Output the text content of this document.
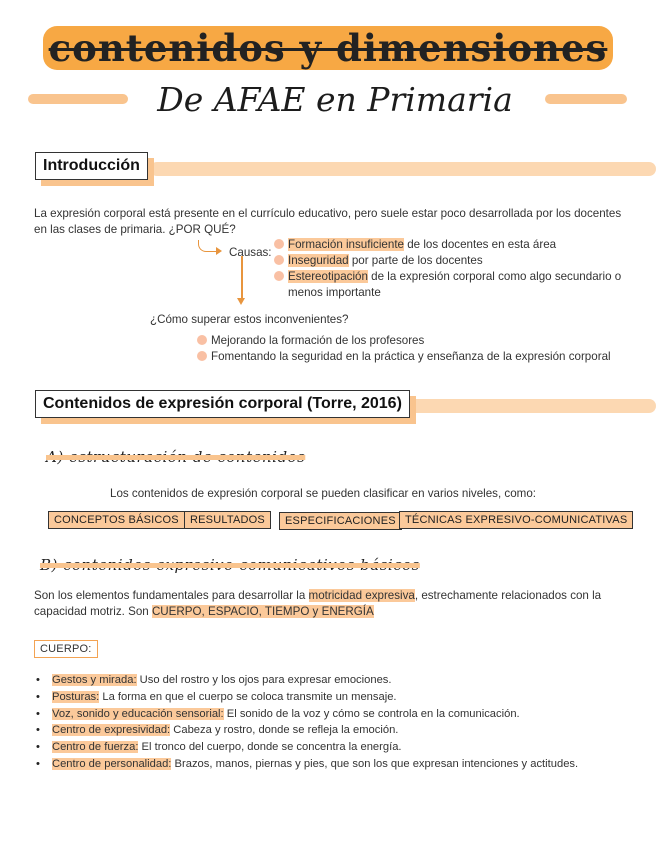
contenidos y dimensiones
De AFAE en Primaria
Introducción
La expresión corporal está presente en el currículo educativo, pero suele estar poco desarrollada por los docentes en las clases de primaria. ¿POR QUÉ?
Causas:
Formación insuficiente de los docentes en esta área
Inseguridad por parte de los docentes
Estereotipación de la expresión corporal como algo secundario o menos importante
¿Cómo superar estos inconvenientes?
Mejorando la formación de los profesores
Fomentando la seguridad en la práctica y enseñanza de la expresión corporal
Contenidos de expresión corporal (Torre, 2016)
A) estructuración de contenidos
Los contenidos de expresión corporal se pueden clasificar en varios niveles, como:
CONCEPTOS BÁSICOS	RESULTADOS	ESPECIFICACIONES TÉCNICAS EXPRESIVO-COMUNICATIVAS
B) contenidos expresivo-comunicativos básicos
Son los elementos fundamentales para desarrollar la motricidad expresiva, estrechamente relacionados con la capacidad motriz. Son CUERPO, ESPACIO, TIEMPO y ENERGÍA
CUERPO:
• Gestos y mirada: Uso del rostro y los ojos para expresar emociones.
• Posturas: La forma en que el cuerpo se coloca transmite un mensaje.
• Voz, sonido y educación sensorial: El sonido de la voz y cómo se controla en la comunicación.
• Centro de expresividad: Cabeza y rostro, donde se refleja la emoción.
• Centro de fuerza: El tronco del cuerpo, donde se concentra la energía.
• Centro de personalidad: Brazos, manos, piernas y pies, que son los que expresan intenciones y actitudes.
